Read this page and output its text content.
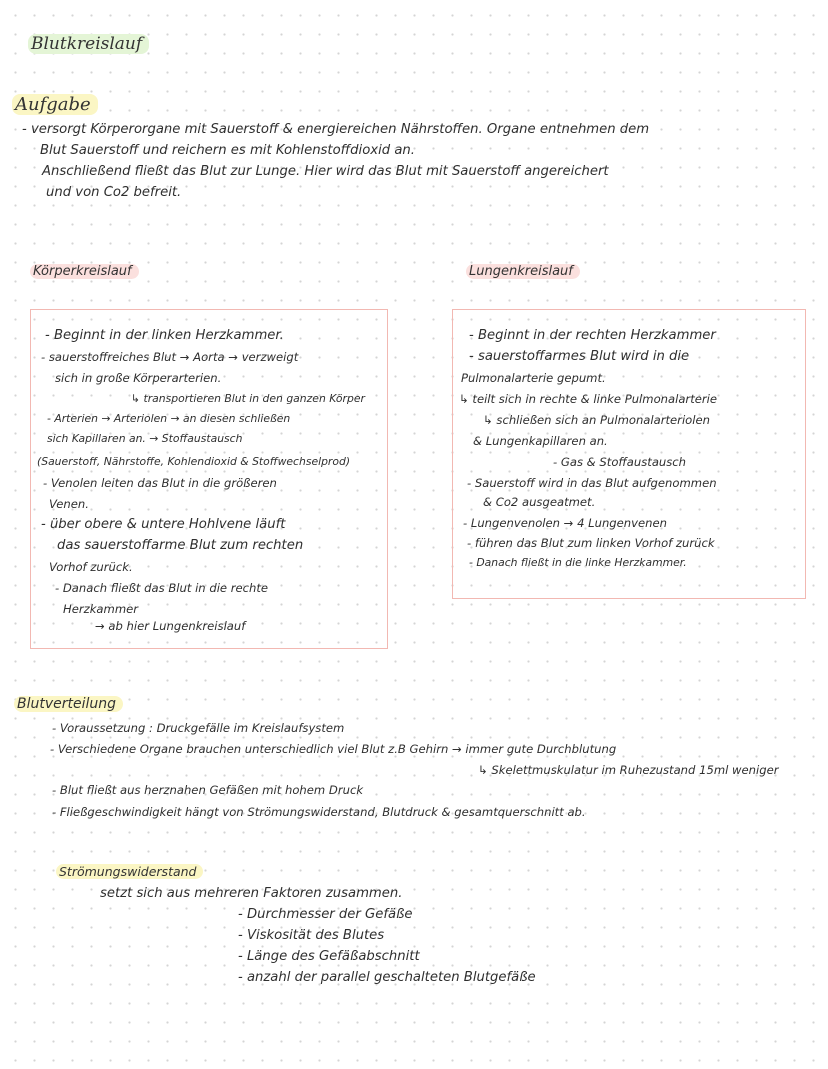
Blutkreislauf
Aufgabe
- versorgt Körperorgane mit Sauerstoff & energiereichen Nährstoffen. Organe entnehmen dem
Blut Sauerstoff und reichern es mit Kohlenstoffdioxid an.
Anschließend fließt das Blut zur Lunge. Hier wird das Blut mit Sauerstoff angereichert
und von Co2 befreit.
Körperkreislauf
- Beginnt in der linken Herzkammer.
- sauerstoffreiches Blut → Aorta → verzweigt
sich in große Körperarterien.
↳ transportieren Blut in den ganzen Körper
- Arterien → Arteriolen → an diesen schließen
sich Kapillaren an. → Stoffaustausch
(Sauerstoff, Nährstoffe, Kohlendioxid & Stoffwechselprod)
- Venolen leiten das Blut in die größeren
Venen.
- über obere & untere Hohlvene läuft
das sauerstoffarme Blut zum rechten
Vorhof zurück.
- Danach fließt das Blut in die rechte
Herzkammer
→ ab hier Lungenkreislauf
Lungenkreislauf
- Beginnt in der rechten Herzkammer
- sauerstoffarmes Blut wird in die
Pulmonalarterie gepumt.
↳ teilt sich in rechte & linke Pulmonalarterie
↳ schließen sich an Pulmonalarteriolen
& Lungenkapillaren an.
- Gas & Stoffaustausch
- Sauerstoff wird in das Blut aufgenommen
& Co2 ausgeatmet.
- Lungenvenolen → 4 Lungenvenen
- führen das Blut zum linken Vorhof zurück
- Danach fließt in die linke Herzkammer.
Blutverteilung
- Voraussetzung : Druckgefälle im Kreislaufsystem
- Verschiedene Organe brauchen unterschiedlich viel Blut z.B Gehirn → immer gute Durchblutung
↳ Skelettmuskulatur im Ruhezustand 15ml weniger
- Blut fließt aus herznahen Gefäßen mit hohem Druck
- Fließgeschwindigkeit hängt von Strömungswiderstand, Blutdruck & gesamtquerschnitt ab.
Strömungswiderstand
setzt sich aus mehreren Faktoren zusammen.
- Durchmesser der Gefäße
- Viskosität des Blutes
- Länge des Gefäßabschnitt
- anzahl der parallel geschalteten Blutgefäße
